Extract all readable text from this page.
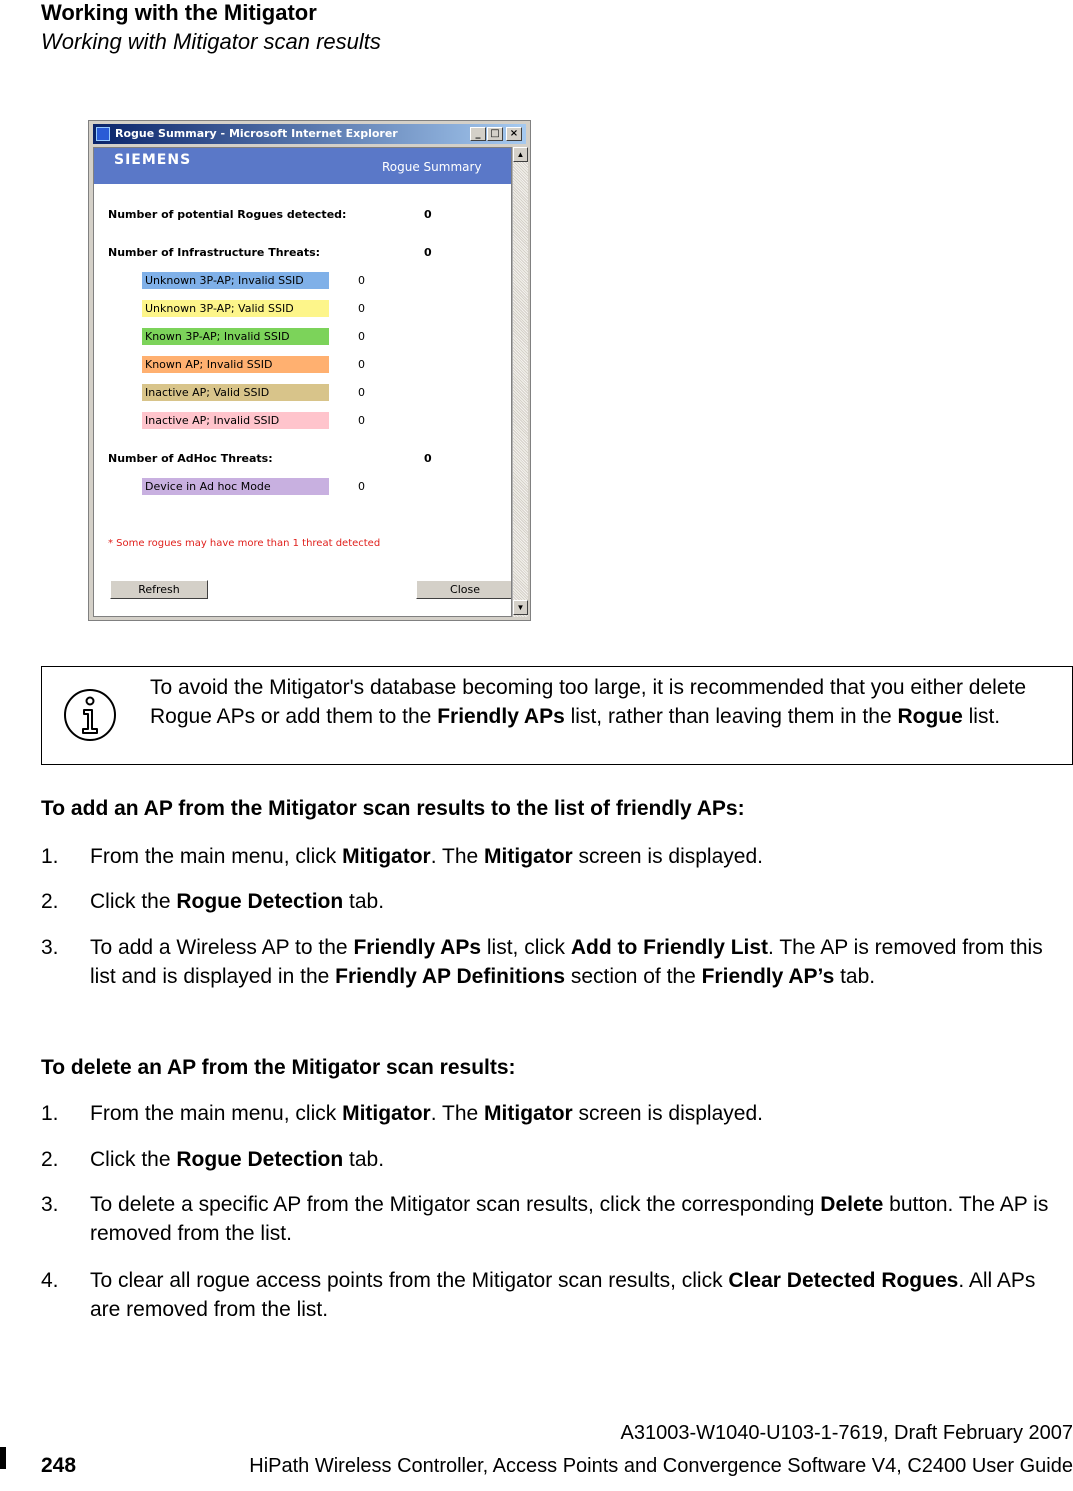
Working with the Mitigator
Working with Mitigator scan results
Rogue Summary - Microsoft Internet Explorer	_ □	×
SIEMENS	Rogue Summary
Number of potential Rogues detected:	0
Number of Infrastructure Threats:	0
Unknown 3P-AP; Invalid SSID	0
Unknown 3P-AP; Valid SSID	0
Known 3P-AP; Invalid SSID	0
Known AP; Invalid SSID	0
Inactive AP; Valid SSID	0
Inactive AP; Invalid SSID	0
Number of AdHoc Threats:	0
Device in Ad hoc Mode	0
* Some rogues may have more than 1 threat detected
Refresh	Close
▲
▼
To avoid the Mitigator's database becoming too large, it is recommended that you either delete Rogue APs or add them to the Friendly APs list, rather than leaving them in the Rogue list.
To add an AP from the Mitigator scan results to the list of friendly APs:
1. From the main menu, click Mitigator. The Mitigator screen is displayed.
2. Click the Rogue Detection tab.
3. To add a Wireless AP to the Friendly APs list, click Add to Friendly List. The AP is removed from this list and is displayed in the Friendly AP Definitions section of the Friendly AP’s tab.
To delete an AP from the Mitigator scan results:
1. From the main menu, click Mitigator. The Mitigator screen is displayed.
2. Click the Rogue Detection tab.
3. To delete a specific AP from the Mitigator scan results, click the corresponding Delete button. The AP is removed from the list.
4. To clear all rogue access points from the Mitigator scan results, click Clear Detected Rogues. All APs are removed from the list.
248
A31003-W1040-U103-1-7619, Draft February 2007
HiPath Wireless Controller, Access Points and Convergence Software V4, C2400 User Guide
